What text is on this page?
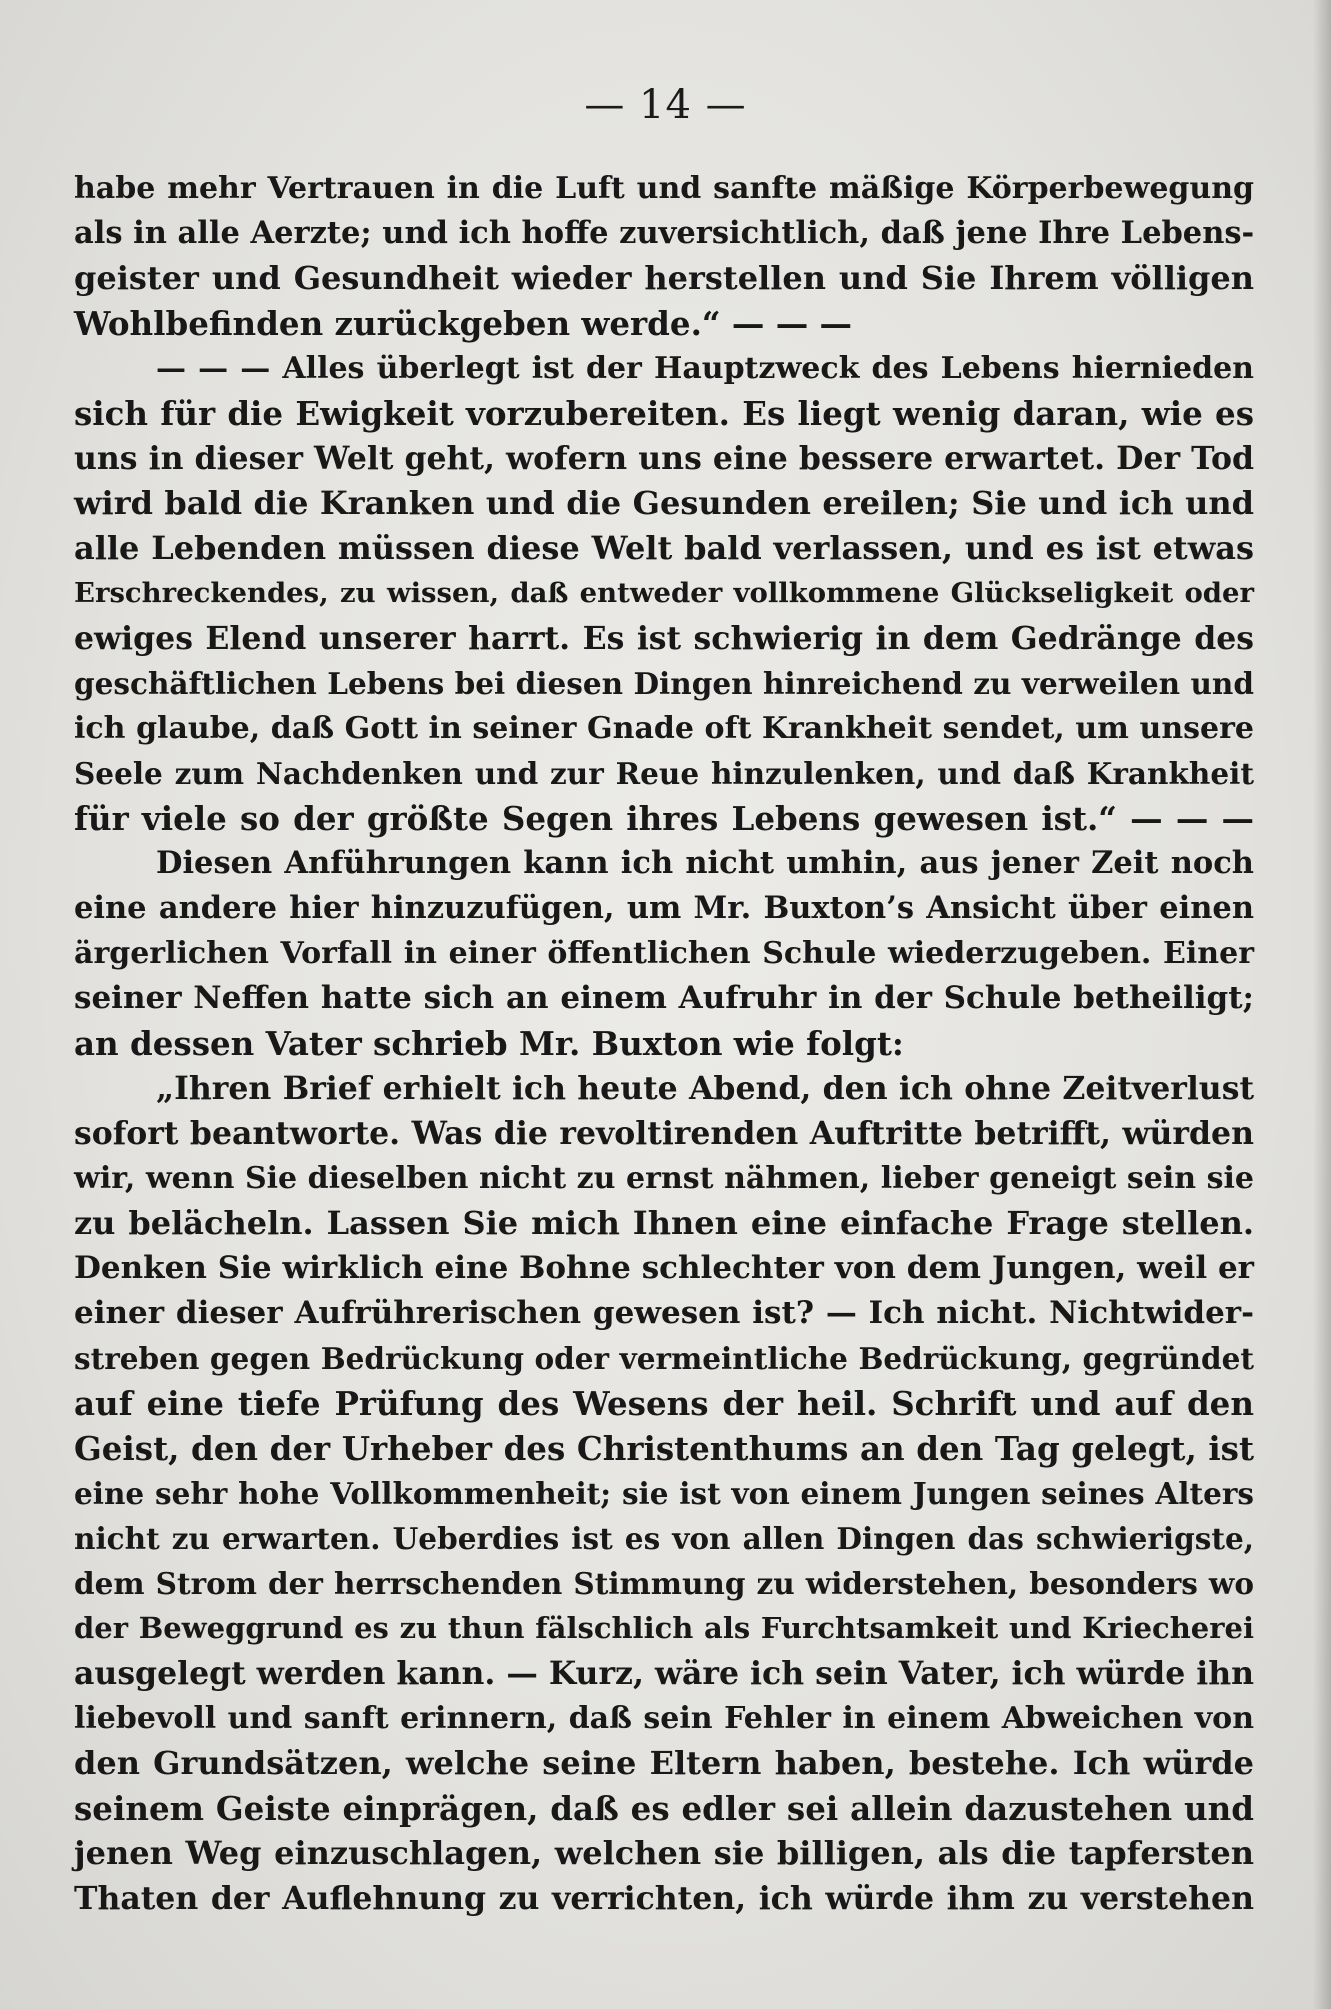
— 14 —
habe mehr Vertrauen in die Luft und sanfte mäßige Körperbewegung
als in alle Aerzte; und ich hoffe zuversichtlich, daß jene Ihre Lebens-
geister und Gesundheit wieder herstellen und Sie Ihrem völligen
Wohlbefinden zurückgeben werde.“ — — —
— — — Alles überlegt ist der Hauptzweck des Lebens hiernieden
sich für die Ewigkeit vorzubereiten. Es liegt wenig daran, wie es
uns in dieser Welt geht, wofern uns eine bessere erwartet. Der Tod
wird bald die Kranken und die Gesunden ereilen; Sie und ich und
alle Lebenden müssen diese Welt bald verlassen, und es ist etwas
Erschreckendes, zu wissen, daß entweder vollkommene Glückseligkeit oder
ewiges Elend unserer harrt. Es ist schwierig in dem Gedränge des
geschäftlichen Lebens bei diesen Dingen hinreichend zu verweilen und
ich glaube, daß Gott in seiner Gnade oft Krankheit sendet, um unsere
Seele zum Nachdenken und zur Reue hinzulenken, und daß Krankheit
für viele so der größte Segen ihres Lebens gewesen ist.“ — — —
Diesen Anführungen kann ich nicht umhin, aus jener Zeit noch
eine andere hier hinzuzufügen, um Mr. Buxton’s Ansicht über einen
ärgerlichen Vorfall in einer öffentlichen Schule wiederzugeben. Einer
seiner Neffen hatte sich an einem Aufruhr in der Schule betheiligt;
an dessen Vater schrieb Mr. Buxton wie folgt:
„Ihren Brief erhielt ich heute Abend, den ich ohne Zeitverlust
sofort beantworte. Was die revoltirenden Auftritte betrifft, würden
wir, wenn Sie dieselben nicht zu ernst nähmen, lieber geneigt sein sie
zu belächeln. Lassen Sie mich Ihnen eine einfache Frage stellen.
Denken Sie wirklich eine Bohne schlechter von dem Jungen, weil er
einer dieser Aufrührerischen gewesen ist? — Ich nicht. Nichtwider-
streben gegen Bedrückung oder vermeintliche Bedrückung, gegründet
auf eine tiefe Prüfung des Wesens der heil. Schrift und auf den
Geist, den der Urheber des Christenthums an den Tag gelegt, ist
eine sehr hohe Vollkommenheit; sie ist von einem Jungen seines Alters
nicht zu erwarten. Ueberdies ist es von allen Dingen das schwierigste,
dem Strom der herrschenden Stimmung zu widerstehen, besonders wo
der Beweggrund es zu thun fälschlich als Furchtsamkeit und Kriecherei
ausgelegt werden kann. — Kurz, wäre ich sein Vater, ich würde ihn
liebevoll und sanft erinnern, daß sein Fehler in einem Abweichen von
den Grundsätzen, welche seine Eltern haben, bestehe. Ich würde
seinem Geiste einprägen, daß es edler sei allein dazustehen und
jenen Weg einzuschlagen, welchen sie billigen, als die tapfersten
Thaten der Auflehnung zu verrichten, ich würde ihm zu verstehen
